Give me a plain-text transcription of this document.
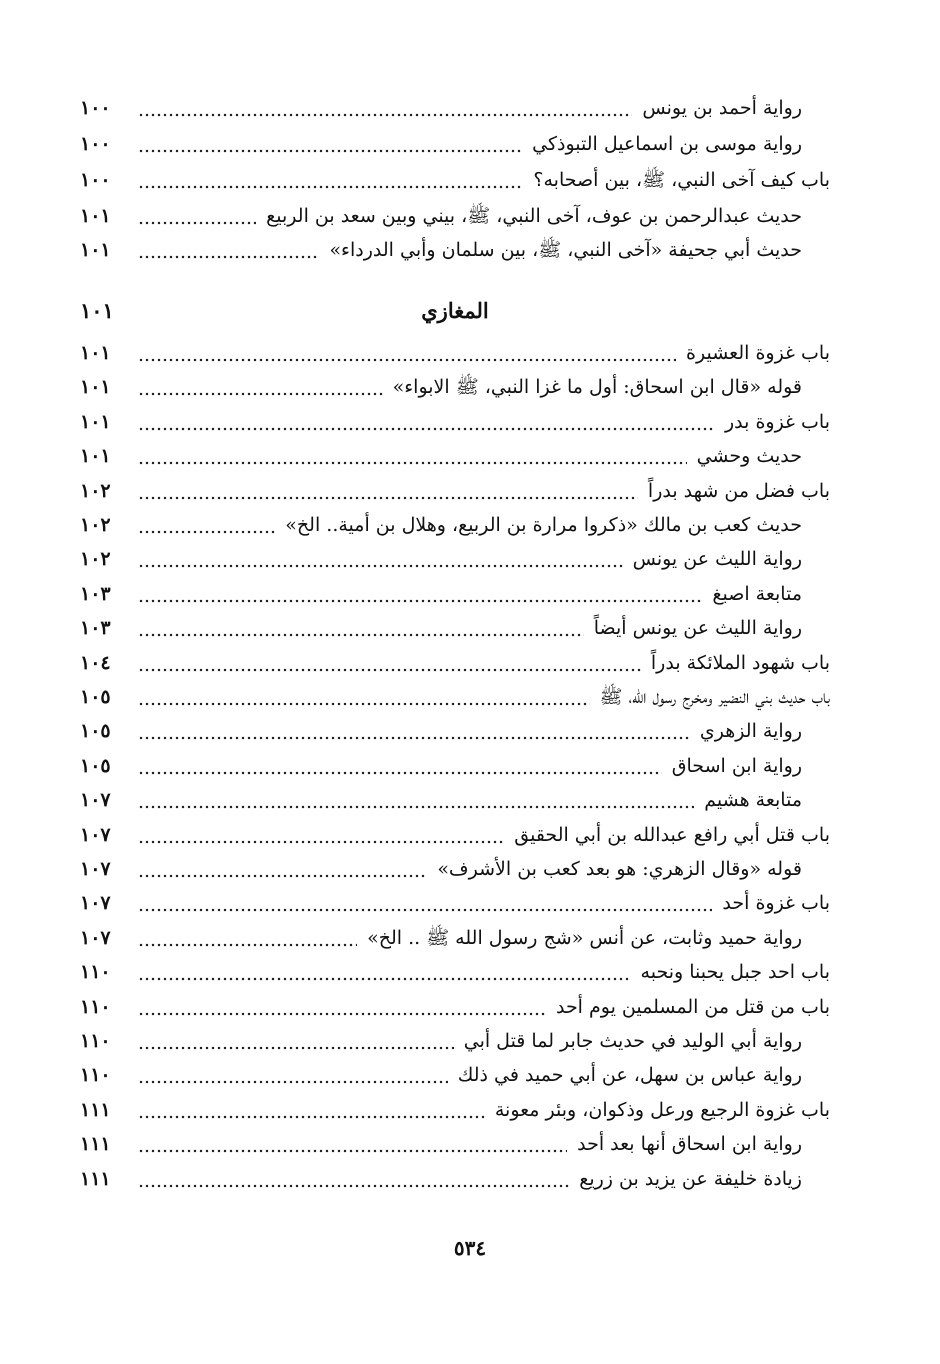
رواية أحمد بن يونس
١٠٠
رواية موسى بن اسماعيل التبوذكي
١٠٠
باب كيف آخى النبي، ﷺ، بين أصحابه؟
١٠٠
حديث عبدالرحمن بن عوف، آخى النبي، ﷺ، بيني وبين سعد بن الربيع
١٠١
حديث أبي جحيفة «آخى النبي، ﷺ، بين سلمان وأبي الدرداء»
١٠١
المغازي
١٠١
باب غزوة العشيرة
١٠١
قوله «قال ابن اسحاق: أول ما غزا النبي، ﷺ الابواء»
١٠١
باب غزوة بدر
١٠١
حديث وحشي
١٠١
باب فضل من شهد بدراً
١٠٢
حديث كعب بن مالك «ذكروا مرارة بن الربيع، وهلال بن أمية.. الخ»
١٠٢
رواية الليث عن يونس
١٠٢
متابعة اصبغ
١٠٣
رواية الليث عن يونس أيضاً
١٠٣
باب شهود الملائكة بدراً
١٠٤
باب حديث بني النضير ومخرج رسول الله، ﷺ
١٠٥
رواية الزهري
١٠٥
رواية ابن اسحاق
١٠٥
متابعة هشيم
١٠٧
باب قتل أبي رافع عبدالله بن أبي الحقيق
١٠٧
قوله «وقال الزهري: هو بعد كعب بن الأشرف»
١٠٧
باب غزوة أحد
١٠٧
رواية حميد وثابت، عن أنس «شج رسول الله ﷺ .. الخ»
١٠٧
باب احد جبل يحبنا ونحبه
١١٠
باب من قتل من المسلمين يوم أحد
١١٠
رواية أبي الوليد في حديث جابر لما قتل أبي
١١٠
رواية عباس بن سهل، عن أبي حميد في ذلك
١١٠
باب غزوة الرجيع ورعل وذكوان، وبئر معونة
١١١
رواية ابن اسحاق أنها بعد أحد
١١١
زيادة خليفة عن يزيد بن زريع
١١١
٥٣٤
